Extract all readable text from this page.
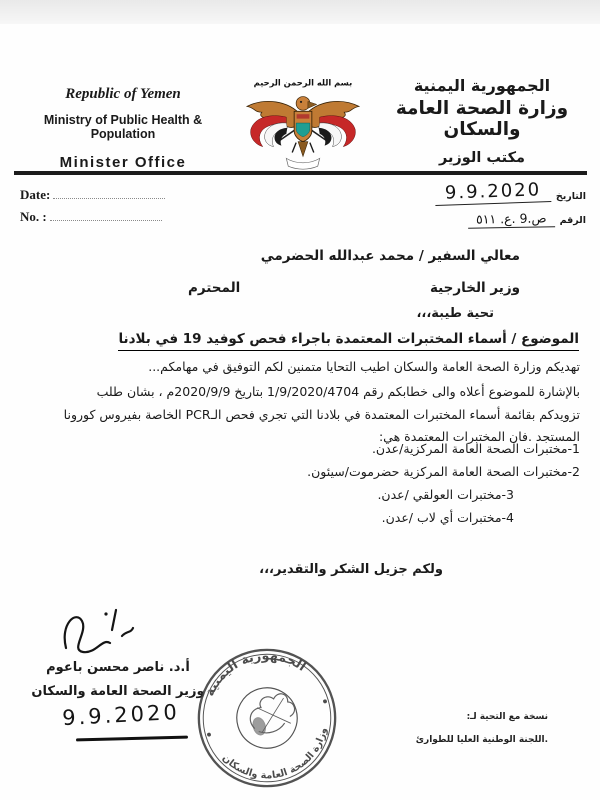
Republic of Yemen
Ministry of Public Health & Population
Minister Office
بسم الله الرحمن الرحيم	الجمهورية اليمنية
وزارة الصحة العامة والسكان
مكتب الوزير
Date:
No. :
9.9.2020	التاريخ
ص.9 .ع. ٥١١	الرقم
معالي السفير / محمد عبدالله الحضرمي
وزير الخارجية
المحترم
تحية طيبة،،،
الموضوع / أسماء المختبرات المعتمدة باجراء فحص كوفيد 19 في بلادنا
تهديكم وزارة الصحة العامة والسكان اطيب التحايا متمنين لكم التوفيق في مهامكم...
بالإشارة للموضوع أعلاه والى خطابكم رقم 1/9/2020/4704 بتاريخ 2020/9/9م ، بشان طلب
تزويدكم بقائمة أسماء المختبرات المعتمدة في بلادنا التي تجري فحص الـPCR الخاصة بفيروس كورونا
المستجد .فان المختبرات المعتمدة هي:
1-مختبرات الصحة العامة المركزية/عدن.
2-مختبرات الصحة العامة المركزية حضرموت/سيئون.
3-مختبرات العولقي /عدن.
4-مختبرات أي لاب /عدن.
ولكم جزيل الشكر والتقدير،،،
أ.د. ناصر محسن باعوم
وزير الصحة العامة والسكان
9.9.2020
الجمهورية اليمنية
وزارة الصحة العامة والسكان
نسخة مع التحية لـ:
.اللجنة الوطنية العليا للطوارئ
